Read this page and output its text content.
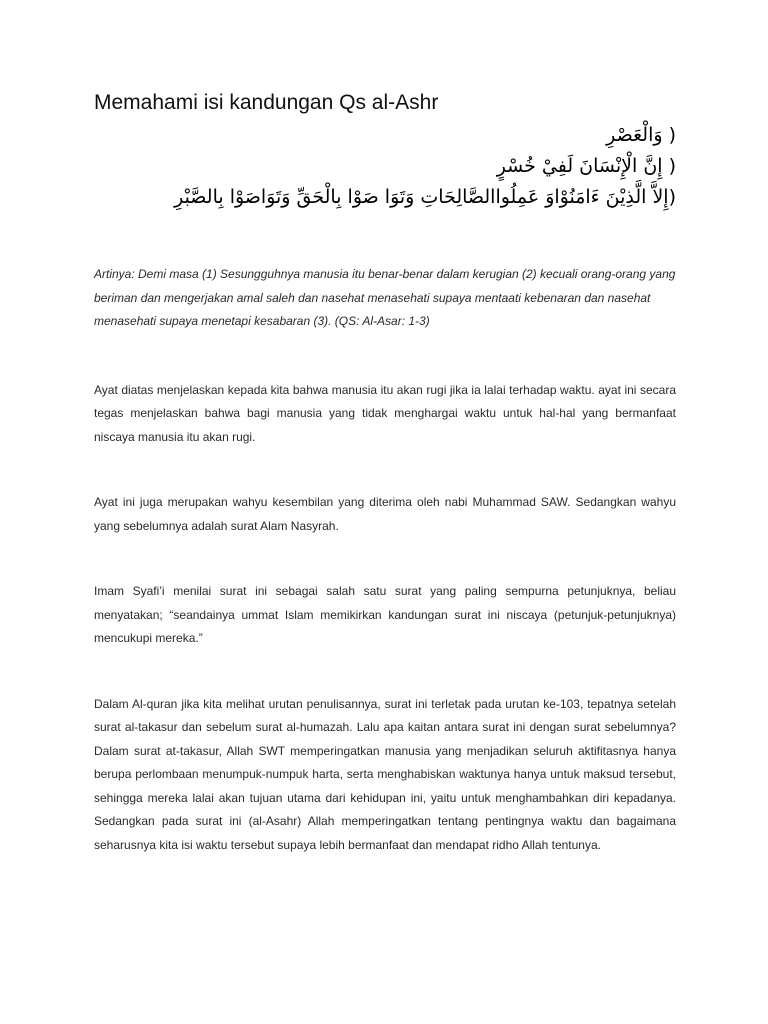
Memahami isi kandungan Qs al-Ashr
( وَالْعَصْرِ
( إِنَّ الْإِنْسَانَ لَفِيْ خُسْرٍ
(إِلاَّ الَّذِيْنَ ءَامَنُوْاوَ عَمِلُواالصَّالِحَاتِ وَتَوَا صَوْا بِالْحَقِّ وَتَوَاصَوْا بِالصَّبْرِ

Artinya: Demi masa (1) Sesungguhnya manusia itu benar-benar dalam kerugian (2) kecuali orang-orang yang beriman dan mengerjakan amal saleh dan nasehat menasehati supaya mentaati kebenaran dan nasehat menasehati supaya menetapi kesabaran (3). (QS: Al-Asar: 1-3)

Ayat diatas menjelaskan kepada kita bahwa manusia itu akan rugi jika ia lalai terhadap waktu. ayat ini secara tegas menjelaskan bahwa bagi manusia yang tidak menghargai waktu untuk hal-hal yang bermanfaat niscaya manusia itu akan rugi.

Ayat ini juga merupakan wahyu kesembilan yang diterima oleh nabi Muhammad SAW. Sedangkan wahyu yang sebelumnya adalah surat Alam Nasyrah.

Imam Syafi’i menilai surat ini sebagai salah satu surat yang paling sempurna petunjuknya, beliau menyatakan; “seandainya ummat Islam memikirkan kandungan surat ini niscaya (petunjuk-petunjuknya) mencukupi mereka.”

Dalam Al-quran jika kita melihat urutan penulisannya, surat ini terletak pada urutan ke-103, tepatnya setelah surat al-takasur dan sebelum surat al-humazah. Lalu apa kaitan antara surat ini dengan surat sebelumnya? Dalam surat at-takasur, Allah SWT memperingatkan manusia yang menjadikan seluruh aktifitasnya hanya berupa perlombaan menumpuk-numpuk harta, serta menghabiskan waktunya hanya untuk maksud tersebut, sehingga mereka lalai akan tujuan utama dari kehidupan ini, yaitu untuk menghambahkan diri kepadanya. Sedangkan pada surat ini (al-Asahr) Allah memperingatkan tentang pentingnya waktu dan bagaimana seharusnya kita isi waktu tersebut supaya lebih bermanfaat dan mendapat ridho Allah tentunya.
